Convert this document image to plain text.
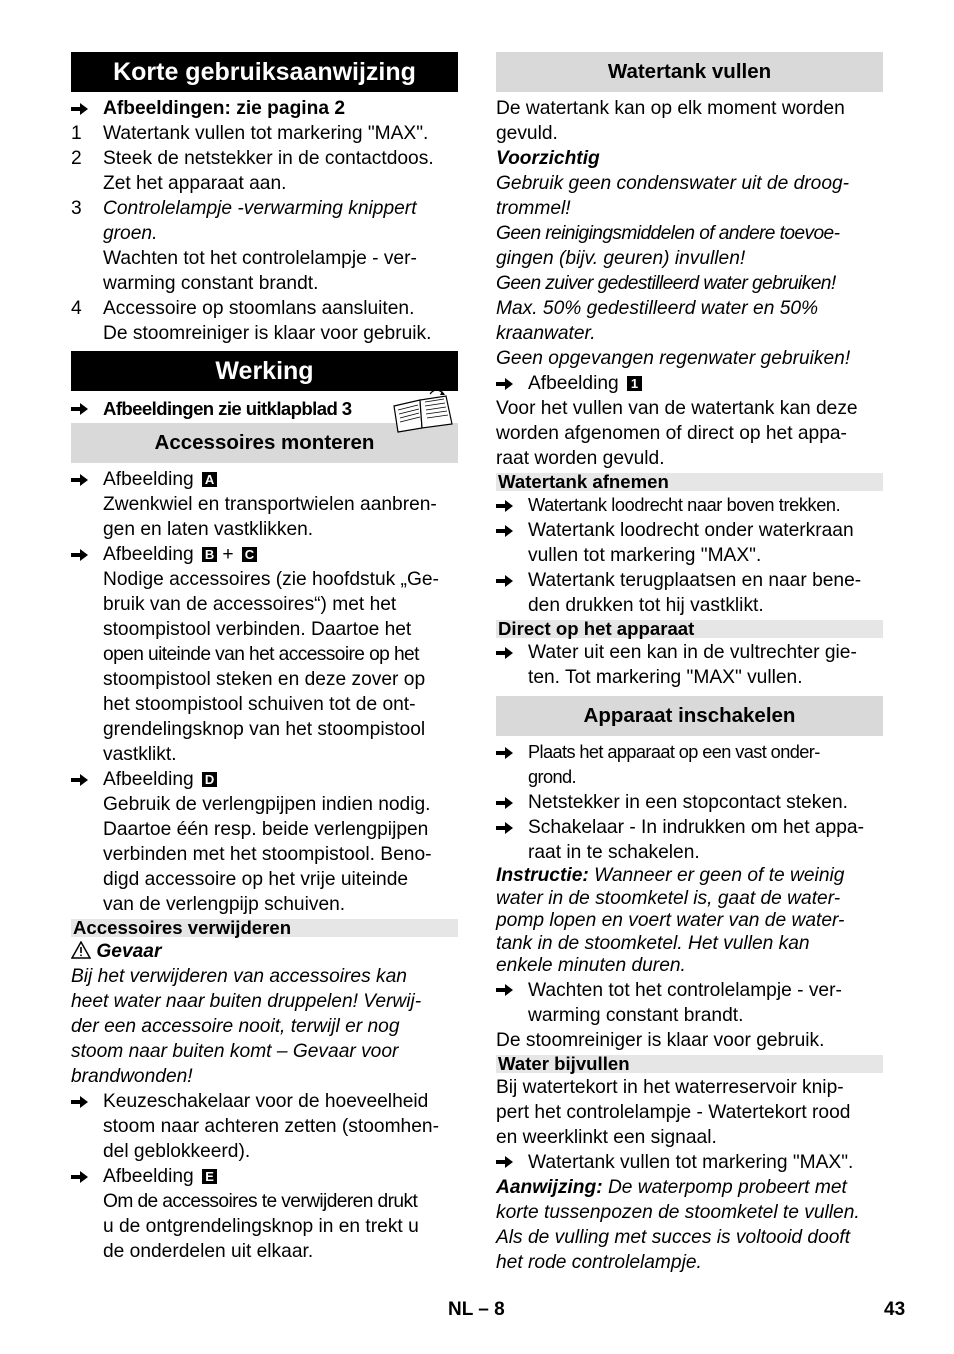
Korte gebruiksaanwijzing
Afbeeldingen: zie pagina 2
1 Watertank vullen tot markering "MAX".

2 Steek de netstekker in de contactdoos.

Zet het apparaat aan.

3 Controlelampje -verwarming knippert

groen.

Wachten tot het controlelampje - ver-

warming constant brandt.

4 Accessoire op stoomlans aansluiten.

De stoomreiniger is klaar voor gebruik.

Werking
Afbeeldingen zie uitklapblad 3
Accessoires monteren

Afbeelding A

Zwenkwiel en transportwielen aanbren-

gen en laten vastklikken.

Afbeelding B + C

Nodige accessoires (zie hoofdstuk „Ge-

bruik van de accessoires“) met het

stoompistool verbinden. Daartoe het

open uiteinde van het accessoire op het

stoompistool steken en deze zover op

het stoompistool schuiven tot de ont-

grendelingsknop van het stoompistool

vastklikt.

Afbeelding D

Gebruik de verlengpijpen indien nodig.

Daartoe één resp. beide verlengpijpen

verbinden met het stoompistool. Beno-

digd accessoire op het vrije uiteinde

van de verlengpijp schuiven.

Accessoires verwijderen

Gevaar

Bij het verwijderen van accessoires kan

heet water naar buiten druppelen! Verwij-

der een accessoire nooit, terwijl er nog

stoom naar buiten komt – Gevaar voor

brandwonden!

Keuzeschakelaar voor de hoeveelheid

stoom naar achteren zetten (stoomhen-

del geblokkeerd).

Afbeelding E

Om de accessoires te verwijderen drukt

u de ontgrendelingsknop in en trekt u

de onderdelen uit elkaar.

Watertank vullen

De watertank kan op elk moment worden

gevuld.

Voorzichtig

Gebruik geen condenswater uit de droog-

trommel!

Geen reinigingsmiddelen of andere toevoe-

gingen (bijv. geuren) invullen!

Geen zuiver gedestilleerd water gebruiken!

Max. 50% gedestilleerd water en 50%

kraanwater.

Geen opgevangen regenwater gebruiken!

Afbeelding 1

Voor het vullen van de watertank kan deze

worden afgenomen of direct op het appa-

raat worden gevuld.

Watertank afnemen

Watertank loodrecht naar boven trekken.

Watertank loodrecht onder waterkraan

vullen tot markering "MAX".

Watertank terugplaatsen en naar bene-

den drukken tot hij vastklikt.

Direct op het apparaat

Water uit een kan in de vultrechter gie-

ten. Tot markering "MAX" vullen.

Apparaat inschakelen

Plaats het apparaat op een vast onder-

grond.

Netstekker in een stopcontact steken.

Schakelaar - In indrukken om het appa-

raat in te schakelen.

Instructie: Wanneer er geen of te weinig

water in de stoomketel is, gaat de water-

pomp lopen en voert water van de water-

tank in de stoomketel. Het vullen kan

enkele minuten duren.

Wachten tot het controlelampje - ver-

warming constant brandt.

De stoomreiniger is klaar voor gebruik.

Water bijvullen

Bij watertekort in het waterreservoir knip-

pert het controlelampje - Watertekort rood

en weerklinkt een signaal.

Watertank vullen tot markering "MAX".

Aanwijzing: De waterpomp probeert met

korte tussenpozen de stoomketel te vullen.

Als de vulling met succes is voltooid dooft

het rode controlelampje.

NL – 8	43
